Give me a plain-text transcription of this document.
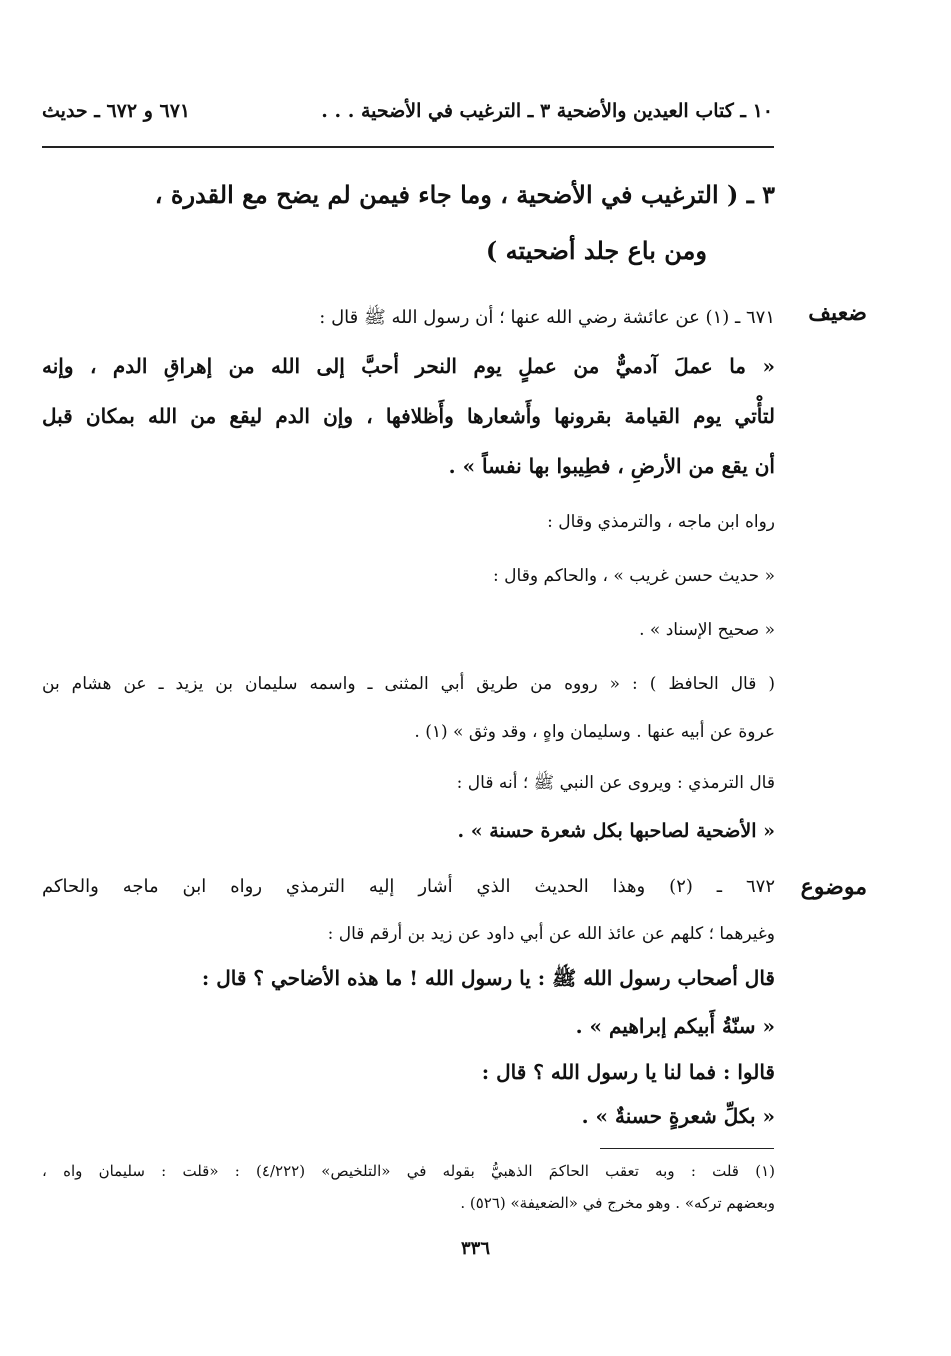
١٠ ـ كتاب العيدين والأضحية ٣ ـ الترغيب في الأضحية . . .
٦٧١ و ٦٧٢ ـ حديث
٣ ـ ( الترغيب في الأضحية ، وما جاء فيمن لم يضح مع القدرة ،
ومن باع جلد أضحيته )
ضعيف
٦٧١ ـ (١) عن عائشة رضي الله عنها ؛ أن رسول الله ﷺ قال :
« ما عملَ آدميٌّ من عملٍ يوم النحر أحبَّ إلى الله من إهراقِ الدم ، وإنه
لتأْتي يوم القيامة بقرونها وأَشعارها وأَظلافها ، وإن الدم ليقع من الله بمكان قبل
أن يقع من الأرضِ ، فطِيبوا بها نفساً » .
رواه ابن ماجه ، والترمذي وقال :
« حديث حسن غريب » ، والحاكم وقال :
« صحيح الإسناد » .
( قال الحافظ ) : « رووه من طريق أبي المثنى ـ واسمه سليمان بن يزيد ـ عن هشام بن
عروة عن أبيه عنها . وسليمان واهٍ ، وقد وثق » (١) .
قال الترمذي : ويروى عن النبي ﷺ ؛ أنه قال :
« الأضحية لصاحبها بكل شعرة حسنة » .
موضوع
٦٧٢ ـ (٢) وهذا الحديث الذي أشار إليه الترمذي رواه ابن ماجه والحاكم
وغيرهما ؛ كلهم عن عائذ الله عن أبي داود عن زيد بن أرقم قال :
قال أصحاب رسول الله ﷺ : يا رسول الله ! ما هذه الأضاحي ؟ قال :
« سنّةُ أَبيكم إبراهيم » .
قالوا : فما لنا يا رسول الله ؟ قال :
« بكلِّ شعرةٍ حسنةٌ » .
(١) قلت : وبه تعقب الحاكمَ الذهبيُّ بقوله في «التلخيص» (٤/٢٢٢) : «قلت : سليمان واه ،
وبعضهم تركه» . وهو مخرج في «الضعيفة» (٥٢٦) .
٣٣٦
